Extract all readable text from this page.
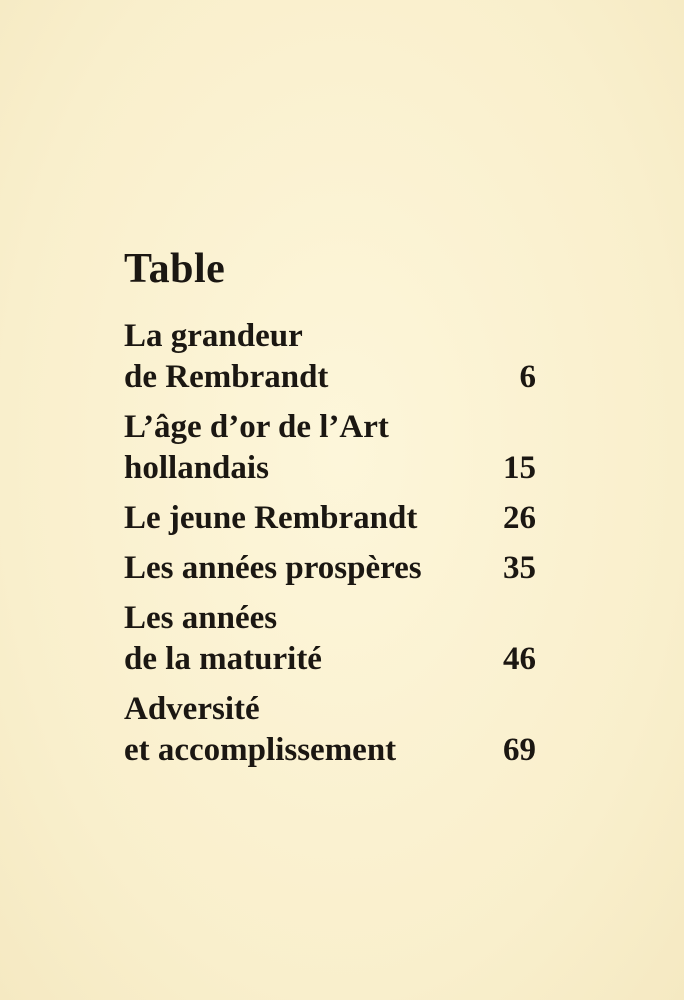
Table
La grandeur
de Rembrandt	6
L’âge d’or de l’Art
hollandais	15
Le jeune Rembrandt	26
Les années prospères	35
Les années
de la maturité	46
Adversité
et accomplissement	69
